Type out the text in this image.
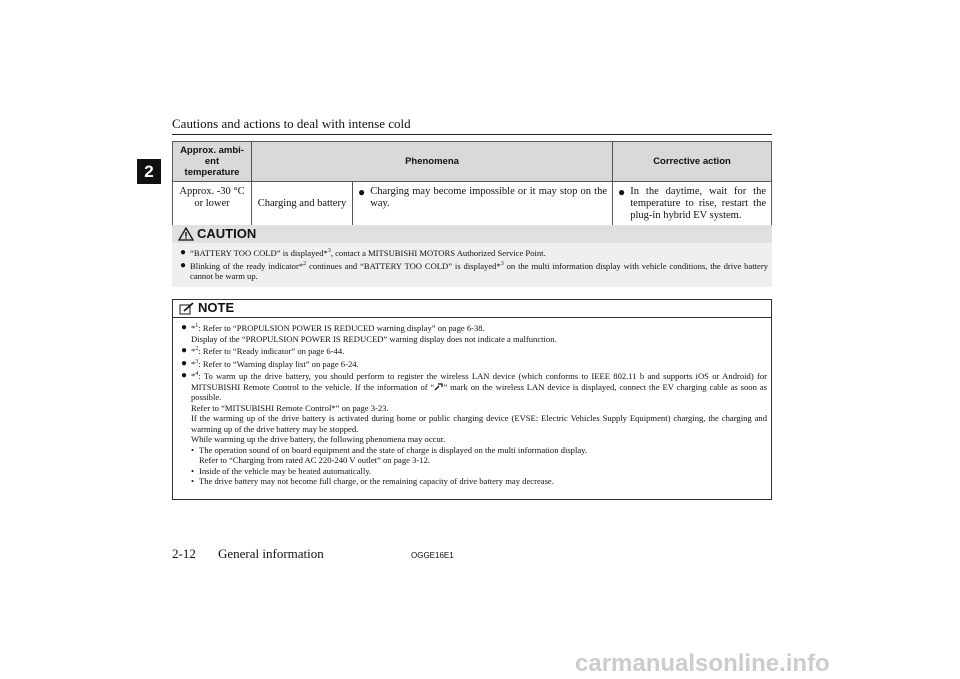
Cautions and actions to deal with intense cold
2
Approx. ambi-
ent temperature	Phenomena		Corrective action
Approx. -30 °C or lower	Charging and battery	● Charging may become impossible or it may stop on the way.	● In the daytime, wait for the temperature to rise, restart the plug-in hybrid EV system.
CAUTION
● “BATTERY TOO COLD” is displayed*$^3$, contact a MITSUBISHI MOTORS Authorized Service Point.
● Blinking of the ready indicator*$^2$ continues and “BATTERY TOO COLD” is displayed*$^3$ on the multi information display with vehicle conditions, the drive battery cannot be warm up.
NOTE
● *$^1$: Refer to “PROPULSION POWER IS REDUCED warning display” on page 6-38.
Display of the “PROPULSION POWER IS REDUCED” warning display does not indicate a malfunction.
● *$^2$: Refer to “Ready indicator” on page 6-44.
● *$^3$: Refer to “Warning display list” on page 6-24.
● *$^4$: To warm up the drive battery, you should perform to register the wireless LAN device (which conforms to IEEE 802.11 b and supports iOS or Android) for MITSUBISHI Remote Control to the vehicle. If the information of “ ” mark on the wireless LAN device is displayed, connect the EV charging cable as soon as possible.
Refer to “MITSUBISHI Remote Control*” on page 3-23.
If the warming up of the drive battery is activated during home or public charging device (EVSE: Electric Vehicles Supply Equipment) charging, the charging and warming up of the drive battery may be stopped.
While warming up the drive battery, the following phenomena may occur.
• The operation sound of on board equipment and the state of charge is displayed on the multi information display.
Refer to “Charging from rated AC 220-240 V outlet” on page 3-12.
• Inside of the vehicle may be heated automatically.
• The drive battery may not become full charge, or the remaining capacity of drive battery may decrease.
2-12 General information	OGGE16E1
carmanualsonline.info
